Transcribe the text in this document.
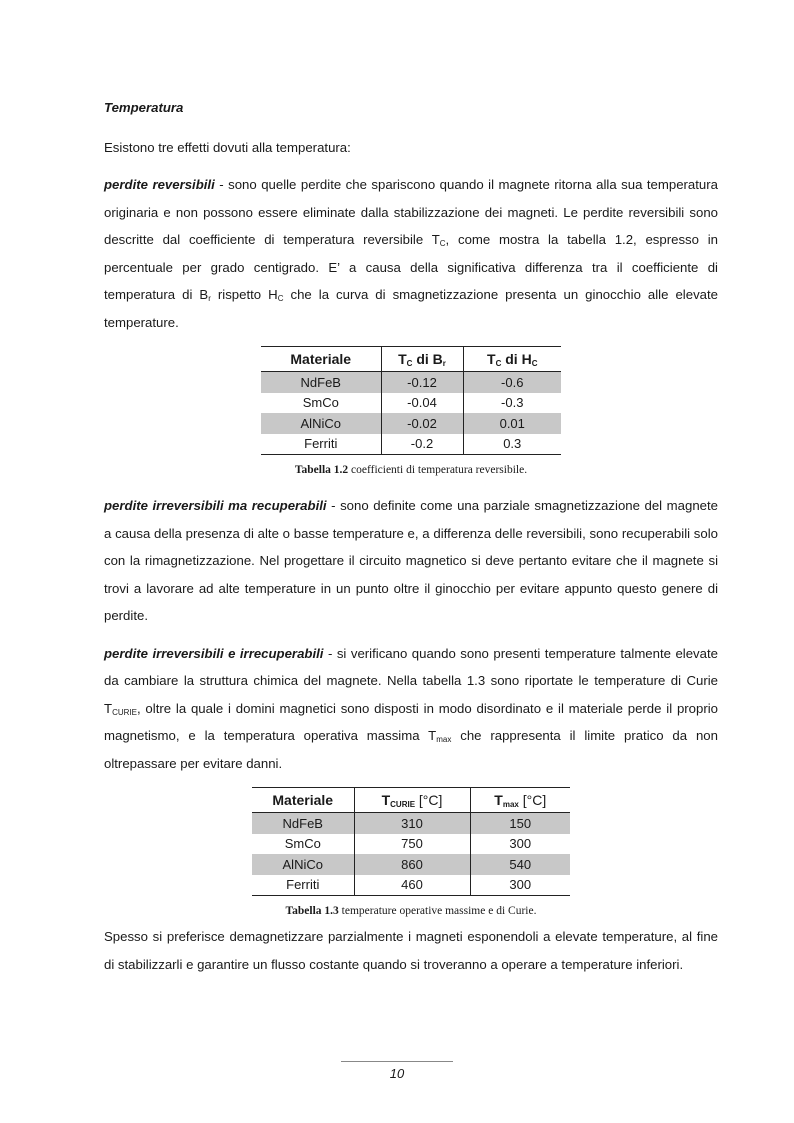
Temperatura

Esistono tre effetti dovuti alla temperatura:

perdite reversibili - sono quelle perdite che spariscono quando il magnete ritorna alla sua temperatura originaria e non possono essere eliminate dalla stabilizzazione dei magneti. Le perdite reversibili sono descritte dal coefficiente di temperatura reversibile $T_C$, come mostra la tabella 1.2, espresso in percentuale per grado centigrado. E’ a causa della significativa differenza tra il coefficiente di temperatura di $B_r$ rispetto $H_C$ che la curva di smagnetizzazione presenta un ginocchio alle elevate temperature.

Materiale	$T_C$ di $B_r$	$T_C$ di $H_C$
NdFeB	-0.12	-0.6
SmCo	-0.04	-0.3
AlNiCo	-0.02	0.01
Ferriti	-0.2	0.3
Tabella 1.2 coefficienti di temperatura reversibile.

perdite irreversibili ma recuperabili - sono definite come una parziale smagnetizzazione del magnete a causa della presenza di alte o basse temperature e, a differenza delle reversibili, sono recuperabili solo con la rimagnetizzazione. Nel progettare il circuito magnetico si deve pertanto evitare che il magnete si trovi a lavorare ad alte temperature in un punto oltre il ginocchio per evitare appunto questo genere di perdite.

perdite irreversibili e irrecuperabili - si verificano quando sono presenti temperature talmente elevate da cambiare la struttura chimica del magnete. Nella tabella 1.3 sono riportate le temperature di Curie $T_{CURIE}$, oltre la quale i domini magnetici sono disposti in modo disordinato e il materiale perde il proprio magnetismo, e la temperatura operativa massima $T_{max}$ che rappresenta il limite pratico da non oltrepassare per evitare danni.

Materiale	$T_{CURIE}$ [°C]	$T_{max}$ [°C]
NdFeB	310	150
SmCo	750	300
AlNiCo	860	540
Ferriti	460	300
Tabella 1.3 temperature operative massime e di Curie.

Spesso si preferisce demagnetizzare parzialmente i magneti esponendoli a elevate temperature, al fine di stabilizzarli e garantire un flusso costante quando si troveranno a operare a temperature inferiori.

10
